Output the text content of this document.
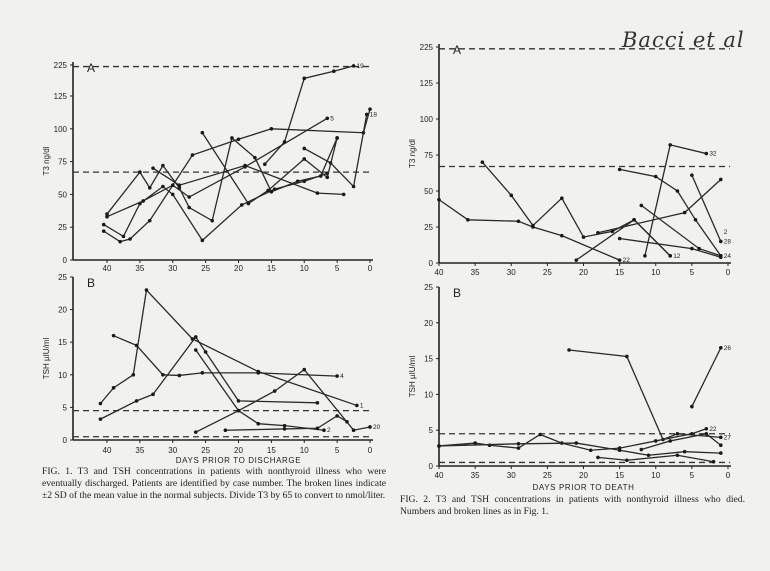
0
25
50
75
100
125
225
40	35	30	25	20	15	10	5	0
A
T3 ng/dl
18
5
19
0
5
10
15
20
25
40	35	30	25	20	15	10	5	0
B
TSH µIU/ml
DAYS PRIOR TO DISCHARGE
1
4
2	20
0
25
50
75
100
125
225
40	35	30	25	20	15	10	5	0
A
T3 ng/dl
22
24
32
28
12
2
0
5
10
15
20
25
40	35	30	25	20	15	10	5	0
B
TSH µIU/ml
DAYS PRIOR TO DEATH
27
26
22
Bacci et al
FIG. 1. T3 and TSH concentrations in patients with nonthyroid illness who were eventually discharged. Patients are identified by case number. The broken lines indicate ±2 SD of the mean value in the normal subjects. Divide T3 by 65 to convert to nmol/liter. FIG. 2. T3 and TSH concentrations in patients with nonthyroid illness who died. Numbers and broken lines as in Fig. 1.
